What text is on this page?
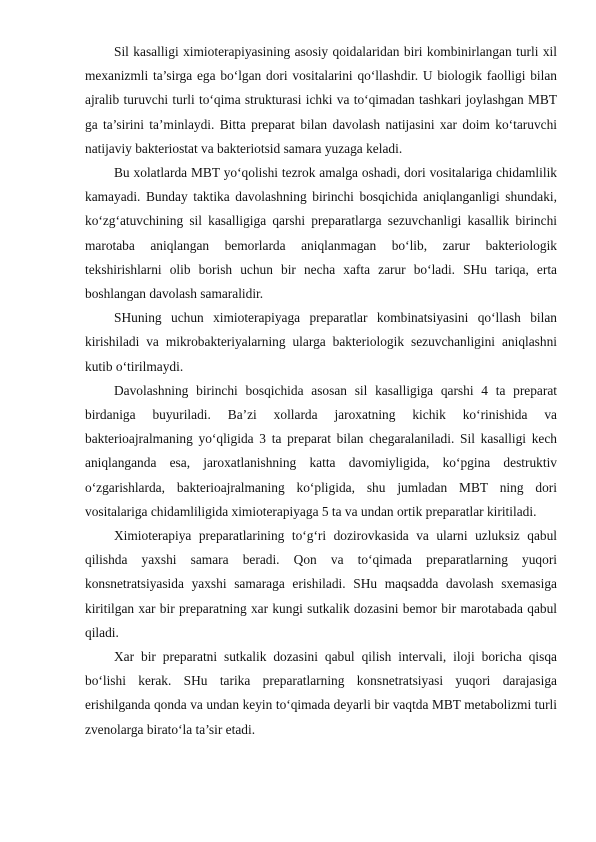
Sil kasalligi ximioterapiyasining asosiy qoidalaridan biri kombinirlangan turli xil mexanizmli ta’sirga ega bo‘lgan dori vositalarini qo‘llashdir. U biologik faolligi bilan ajralib turuvchi turli to‘qima strukturasi ichki va to‘qimadan tashkari joylashgan MBT ga ta’sirini ta’minlaydi. Bitta preparat bilan davolash natijasini xar doim ko‘taruvchi natijaviy bakteriostat va bakteriotsid samara yuzaga keladi.

Bu xolatlarda MBT yo‘qolishi tezrok amalga oshadi, dori vositalariga chidamlilik kamayadi. Bunday taktika davolashning birinchi bosqichida aniqlanganligi shundaki, ko‘zg‘atuvchining sil kasalligiga qarshi preparatlarga sezuvchanligi kasallik birinchi marotaba aniqlangan bemorlarda aniqlanmagan bo‘lib, zarur bakteriologik tekshirishlarni olib borish uchun bir necha xafta zarur bo‘ladi. SHu tariqa, erta boshlangan davolash samaralidir.

SHuning uchun ximioterapiyaga preparatlar kombinatsiyasini qo‘llash bilan kirishiladi va mikrobakteriyalarning ularga bakteriologik sezuvchanligini aniqlashni kutib o‘tirilmaydi.

Davolashning birinchi bosqichida asosan sil kasalligiga qarshi 4 ta preparat birdaniga buyuriladi. Ba’zi xollarda jaroxatning kichik ko‘rinishida va bakterioajralmaning yo‘qligida 3 ta preparat bilan chegaralaniladi. Sil kasalligi kech aniqlanganda esa, jaroxatlanishning katta davomiyligida, ko‘pgina destruktiv o‘zgarishlarda, bakterioajralmaning ko‘pligida, shu jumladan MBT ning dori vositalariga chidamliligida ximioterapiyaga 5 ta va undan ortik preparatlar kiritiladi.

Ximioterapiya preparatlarining to‘g‘ri dozirovkasida va ularni uzluksiz qabul qilishda yaxshi samara beradi. Qon va to‘qimada preparatlarning yuqori konsnetratsiyasida yaxshi samaraga erishiladi. SHu maqsadda davolash sxemasiga kiritilgan xar bir preparatning xar kungi sutkalik dozasini bemor bir marotabada qabul qiladi.

Xar bir preparatni sutkalik dozasini qabul qilish intervali, iloji boricha qisqa bo‘lishi kerak. SHu tarika preparatlarning konsnetratsiyasi yuqori darajasiga erishilganda qonda va undan keyin to‘qimada deyarli bir vaqtda MBT metabolizmi turli zvenolarga birato‘la ta’sir etadi.
